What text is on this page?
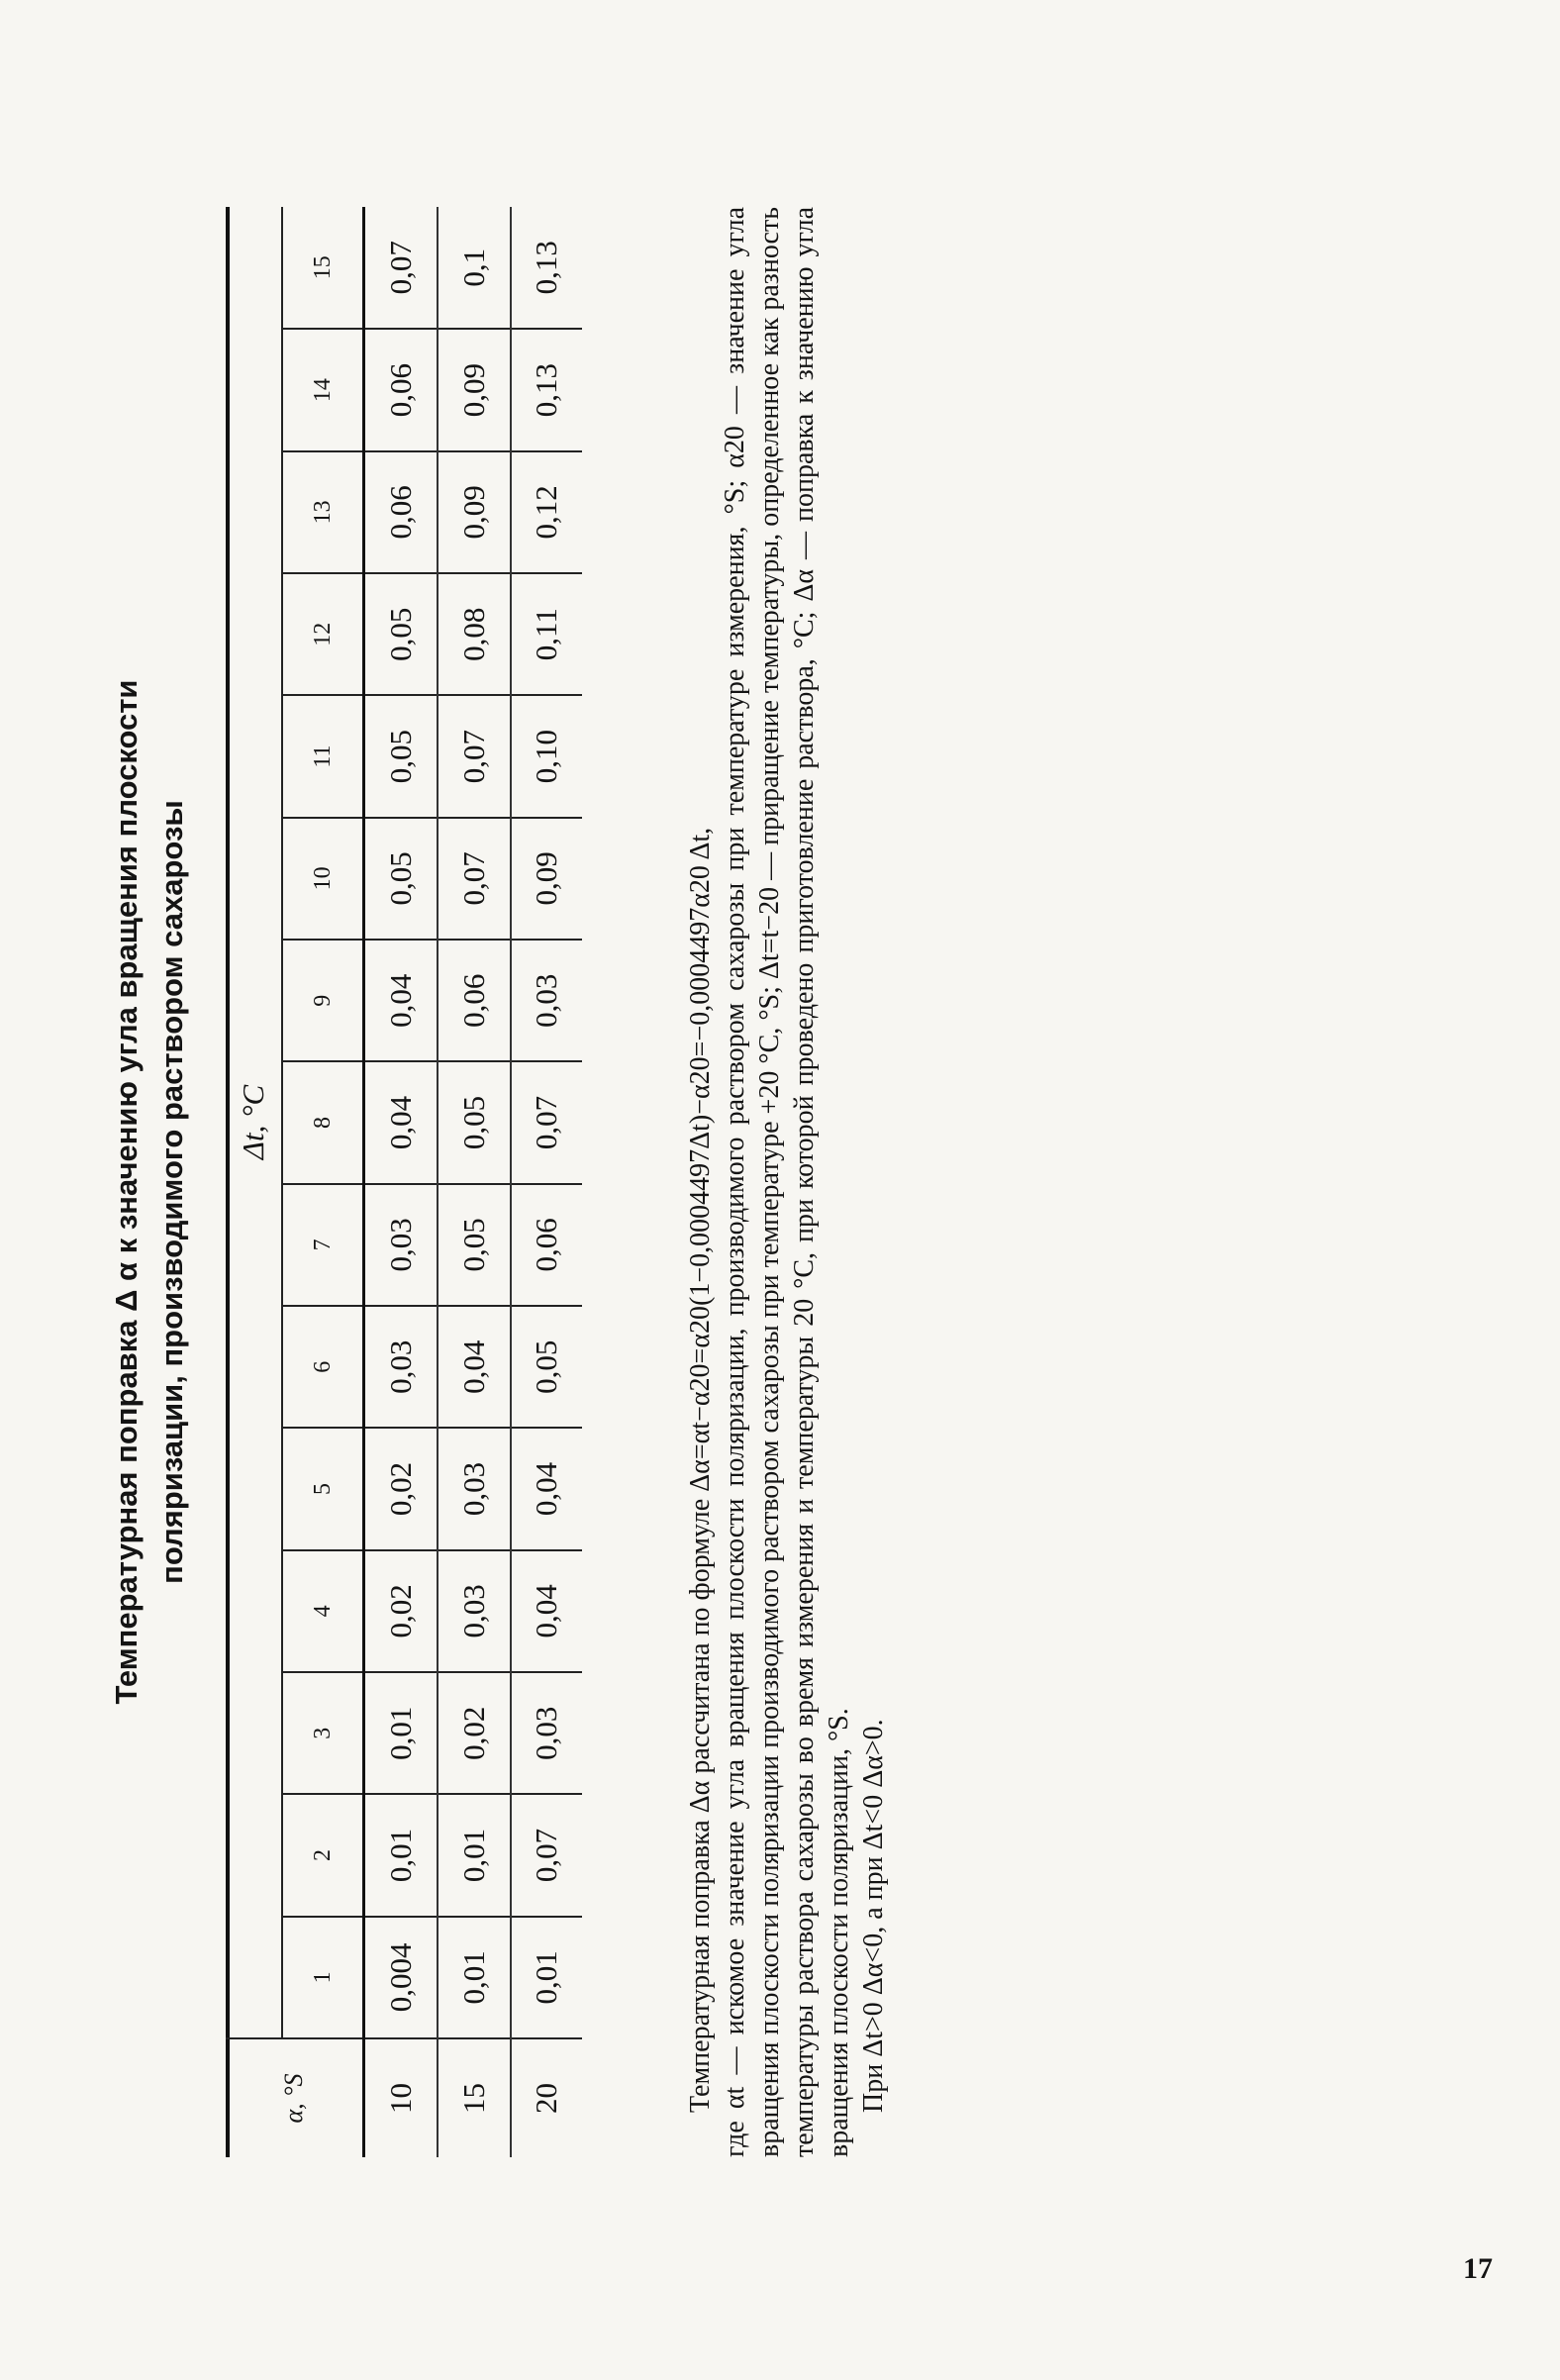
Температурная поправка Δ α к значению угла вращения плоскости поляризации, производимого раствором сахарозы
α, °S	Δt, °C														
	1	2	3	4	5	6	7	8	9	10	11	12	13	14	15
10	0,004	0,01	0,01	0,02	0,02	0,03	0,03	0,04	0,04	0,05	0,05	0,05	0,06	0,06	0,07
15	0,01	0,01	0,02	0,03	0,03	0,04	0,05	0,05	0,06	0,07	0,07	0,08	0,09	0,09	0,1
20	0,01	0,07	0,03	0,04	0,04	0,05	0,06	0,07	0,03	0,09	0,10	0,11	0,12	0,13	0,13

Температурная поправка Δα рассчитана по формуле Δα=αt−α20=α20(1−0,0004497Δt)−α20=−0,0004497α20 Δt, где αt — искомое значение угла вращения плоскости поляризации, производимого раствором сахарозы при температуре измерения, °S; α20 — значение угла вращения плоскости поляризации производимого раствором сахарозы при температуре +20 °C, °S; Δt=t−20 — приращение температуры, определенное как разность температуры раствора сахарозы во время измерения и температуры 20 °C, при которой проведено приготовление раствора, °C; Δα — поправка к значению угла вращения плоскости поляризации, °S. При Δt>0 Δα<0, а при Δt<0 Δα>0.

17
